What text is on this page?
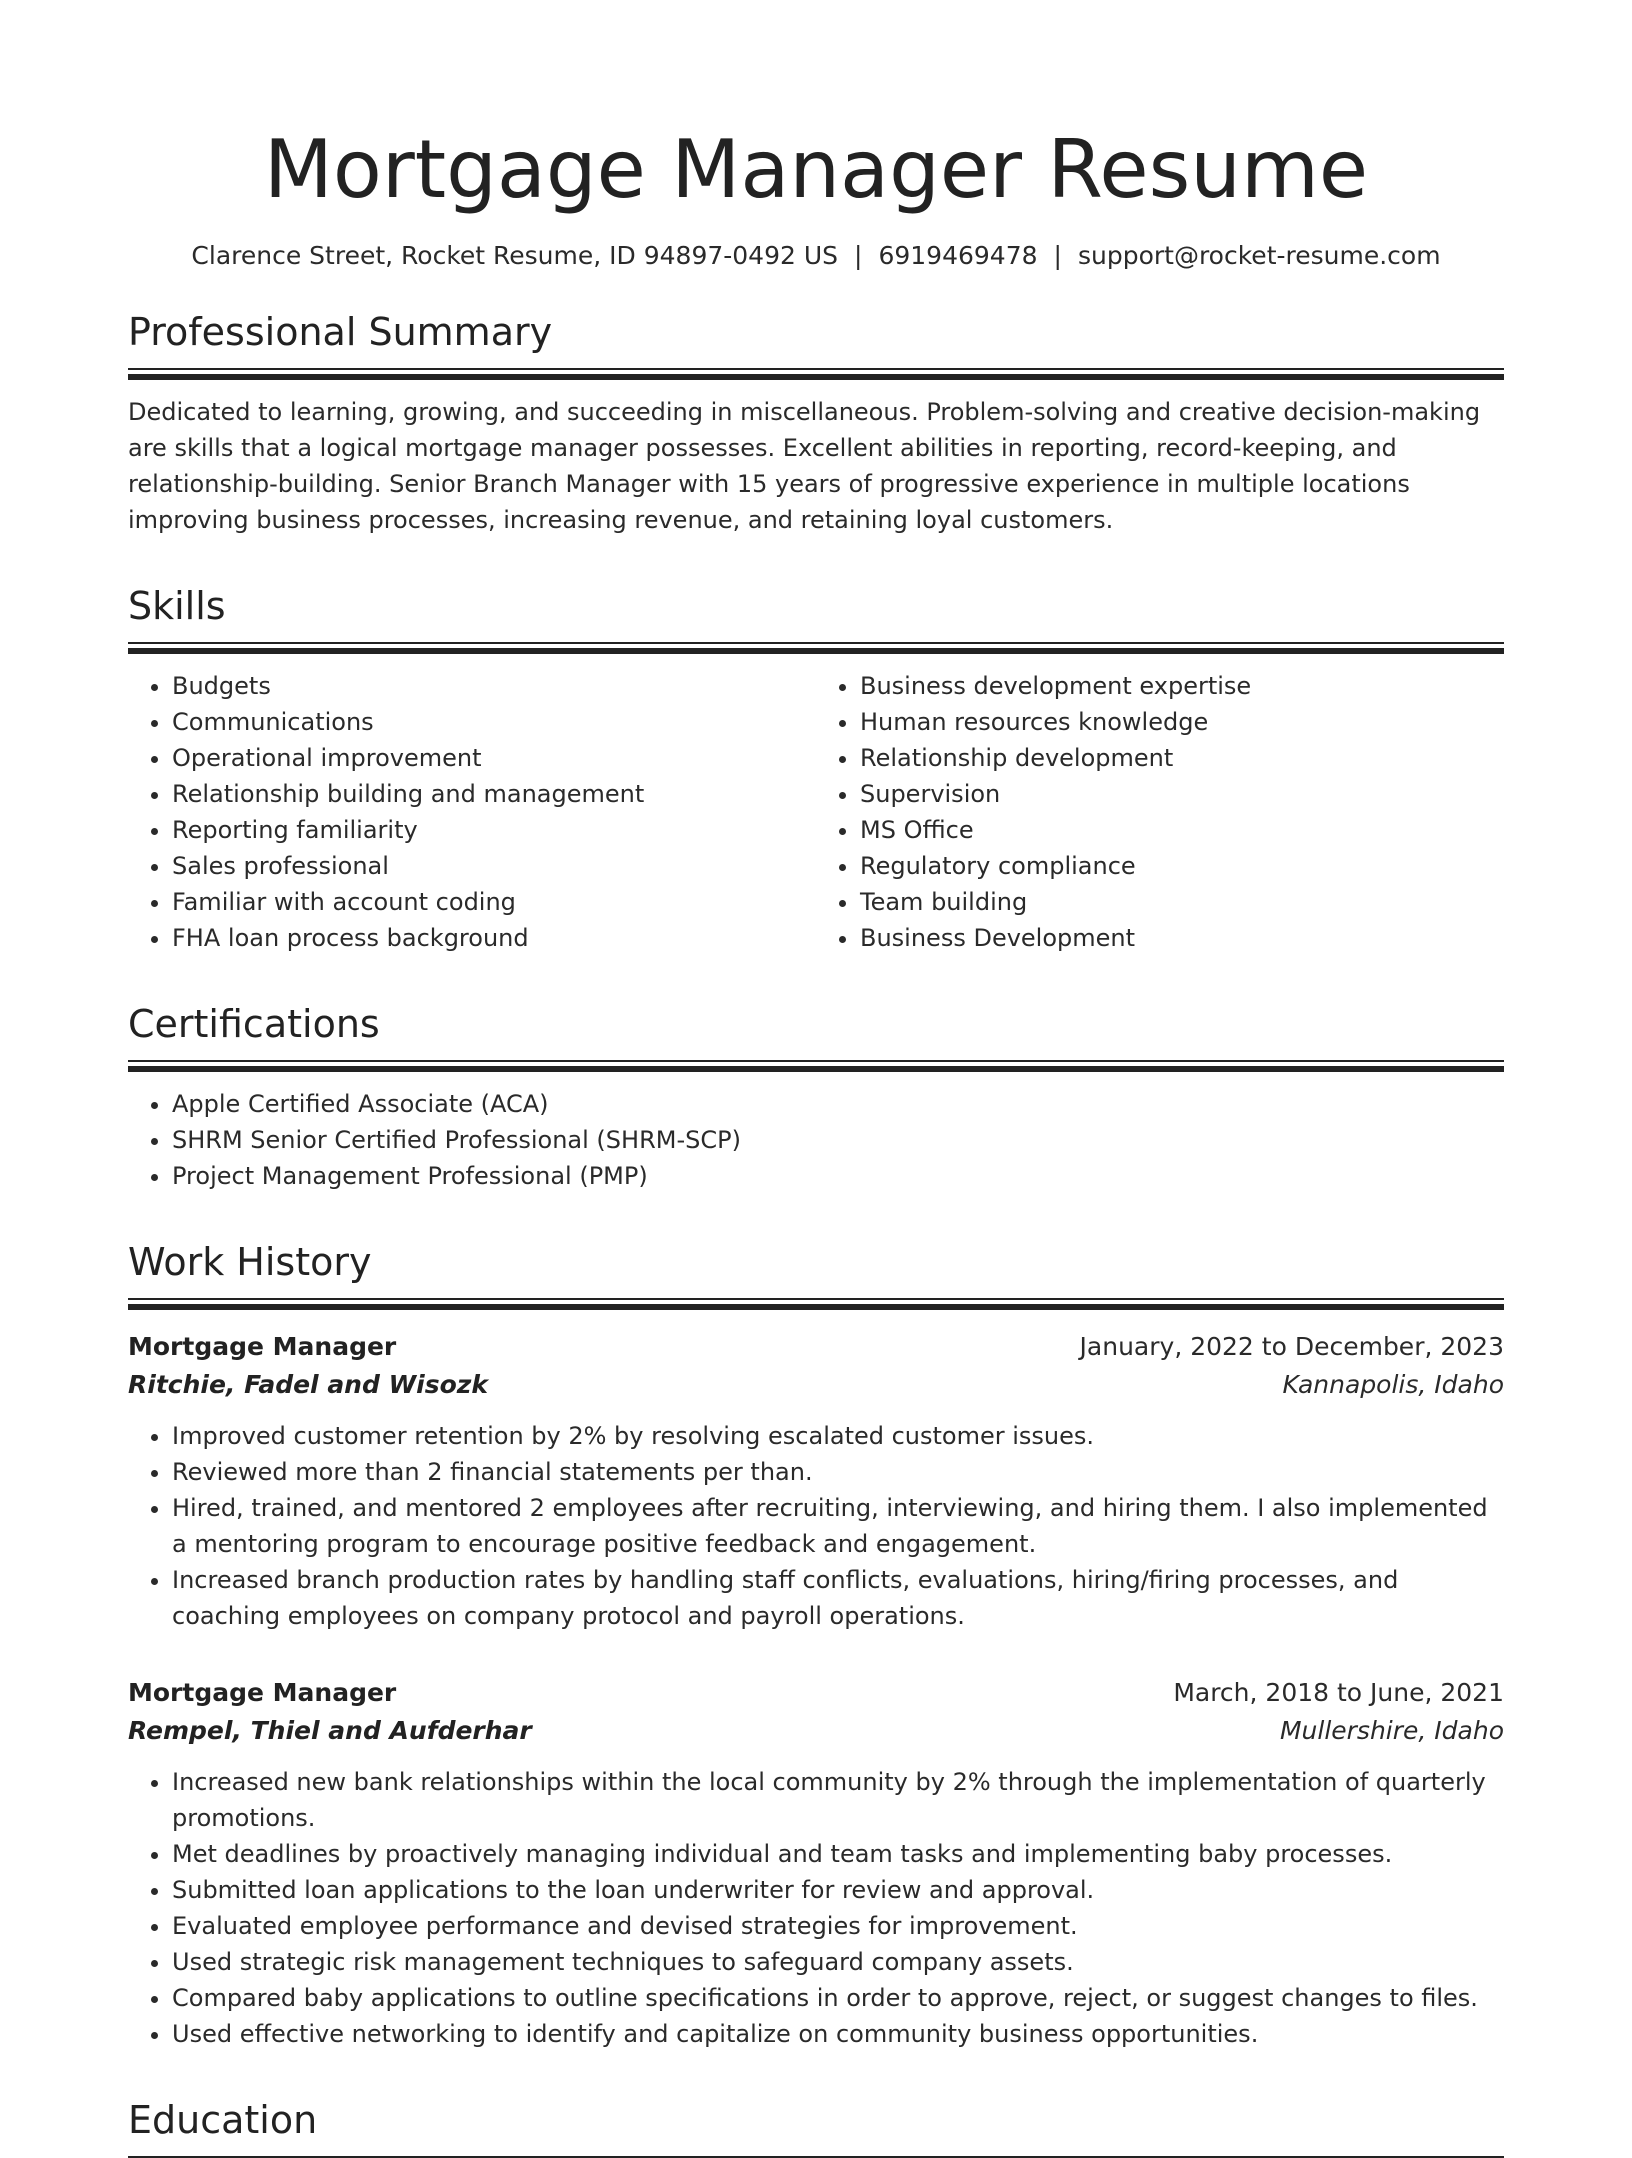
Mortgage Manager Resume
Clarence Street, Rocket Resume, ID 94897-0492 US | 6919469478 | support@rocket-resume.com
Professional Summary

Dedicated to learning, growing, and succeeding in miscellaneous. Problem-solving and creative decision-making are skills that a logical mortgage manager possesses. Excellent abilities in reporting, record-keeping, and relationship-building. Senior Branch Manager with 15 years of progressive experience in multiple locations improving business processes, increasing revenue, and retaining loyal customers.

Skills
• Budgets
• Communications
• Operational improvement
• Relationship building and management
• Reporting familiarity
• Sales professional
• Familiar with account coding
• FHA loan process background
• Business development expertise
• Human resources knowledge
• Relationship development
• Supervision
• MS Office
• Regulatory compliance
• Team building
• Business Development
Certifications
• Apple Certified Associate (ACA)
• SHRM Senior Certified Professional (SHRM-SCP)
• Project Management Professional (PMP)
Work History
Mortgage Manager	January, 2022 to December, 2023
Ritchie, Fadel and Wisozk	Kannapolis, Idaho
• Improved customer retention by 2% by resolving escalated customer issues.
• Reviewed more than 2 financial statements per than.
• Hired, trained, and mentored 2 employees after recruiting, interviewing, and hiring them. I also implemented a mentoring program to encourage positive feedback and engagement.
• Increased branch production rates by handling staff conflicts, evaluations, hiring/firing processes, and coaching employees on company protocol and payroll operations.
Mortgage Manager	March, 2018 to June, 2021
Rempel, Thiel and Aufderhar	Mullershire, Idaho
• Increased new bank relationships within the local community by 2% through the implementation of quarterly promotions.
• Met deadlines by proactively managing individual and team tasks and implementing baby processes.
• Submitted loan applications to the loan underwriter for review and approval.
• Evaluated employee performance and devised strategies for improvement.
• Used strategic risk management techniques to safeguard company assets.
• Compared baby applications to outline specifications in order to approve, reject, or suggest changes to files.
• Used effective networking to identify and capitalize on community business opportunities.
Education
